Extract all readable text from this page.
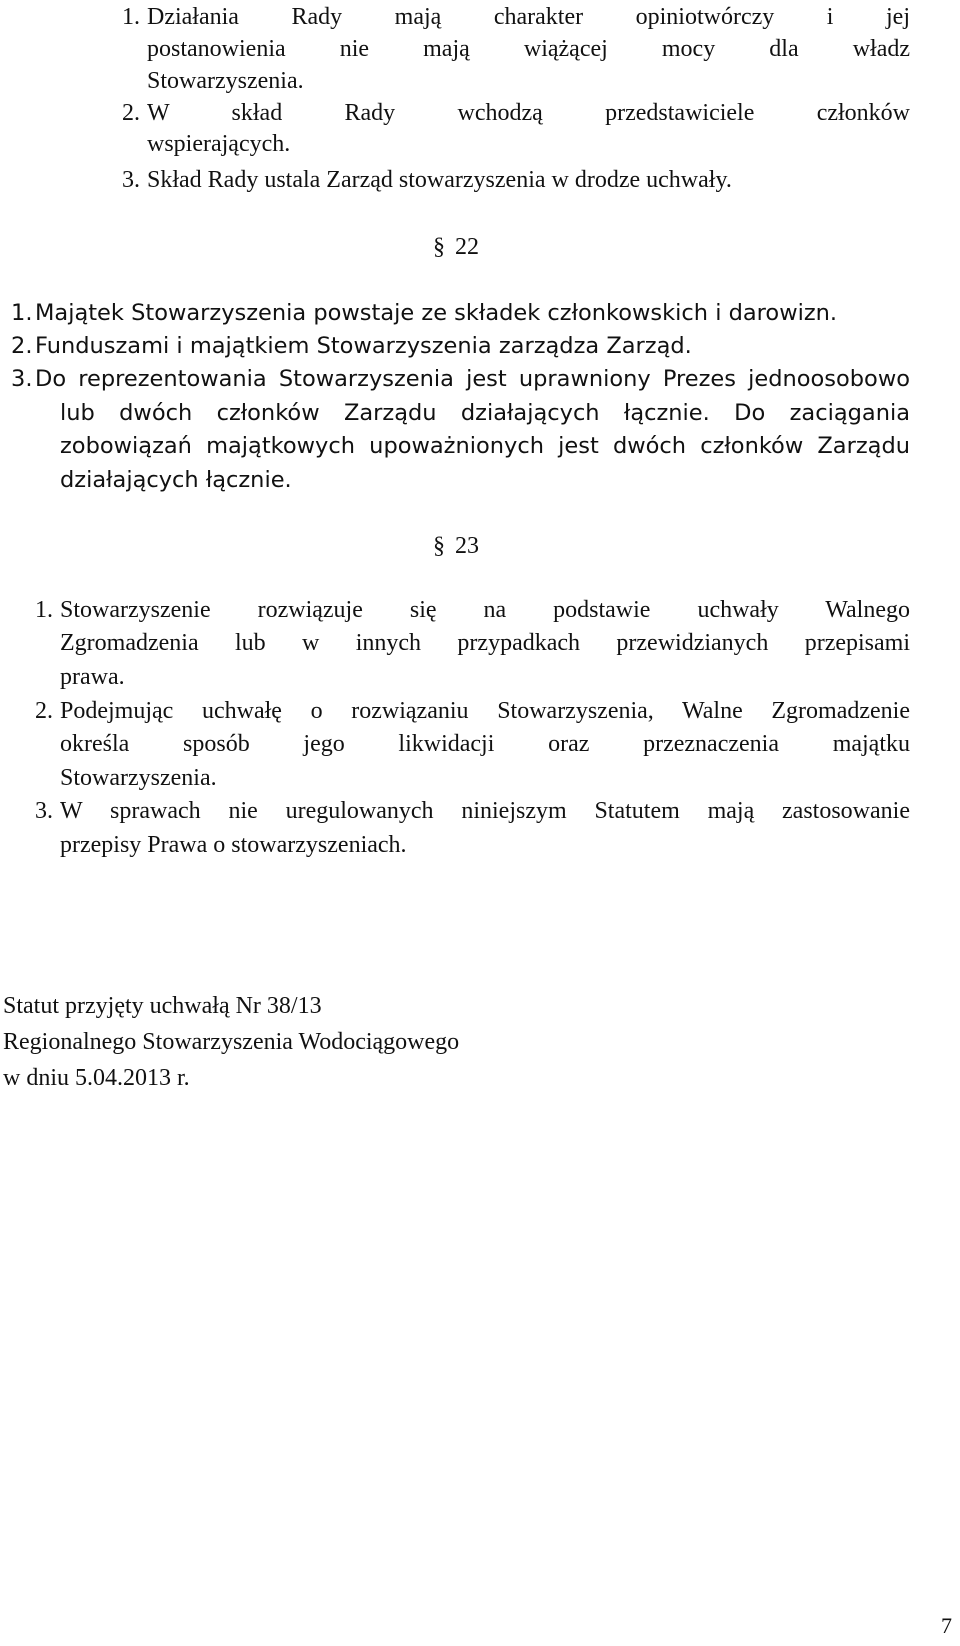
1. Działania Rady mają charakter opiniotwórczy i jej
postanowienia nie mają wiążącej mocy dla władz
Stowarzyszenia.
2. W skład Rady wchodzą przedstawiciele członków
wspierających.
3. Skład Rady ustala Zarząd stowarzyszenia w drodze uchwały.
§ 22
1. Majątek Stowarzyszenia powstaje ze składek członkowskich i darowizn.
2. Funduszami i majątkiem Stowarzyszenia zarządza Zarząd.
3. Do reprezentowania Stowarzyszenia jest uprawniony Prezes jednoosobowo
lub dwóch członków Zarządu działających łącznie. Do zaciągania
zobowiązań majątkowych upoważnionych jest dwóch członków Zarządu
działających łącznie.
§ 23
1. Stowarzyszenie rozwiązuje się na podstawie uchwały Walnego
Zgromadzenia lub w innych przypadkach przewidzianych przepisami
prawa.
2. Podejmując uchwałę o rozwiązaniu Stowarzyszenia, Walne Zgromadzenie
określa sposób jego likwidacji oraz przeznaczenia majątku
Stowarzyszenia.
3. W sprawach nie uregulowanych niniejszym Statutem mają zastosowanie
przepisy Prawa o stowarzyszeniach.
Statut przyjęty uchwałą Nr 38/13
Regionalnego Stowarzyszenia Wodociągowego
w dniu 5.04.2013 r.
7
